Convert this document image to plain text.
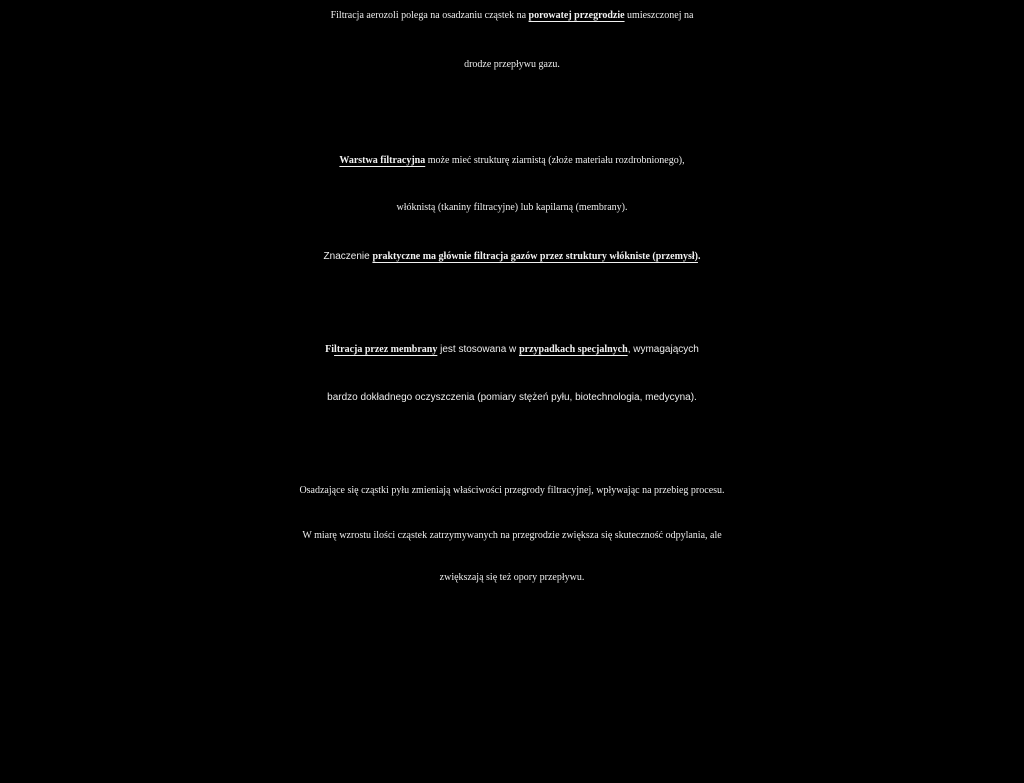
Filtracja aerozoli polega na osadzaniu cząstek na porowatej przegrodzie umieszczonej na
drodze przepływu gazu.
Warstwa filtracyjna może mieć strukturę ziarnistą (złoże materiału rozdrobnionego),
włóknistą (tkaniny filtracyjne) lub kapilarną (membrany).
Znaczenie praktyczne ma głównie filtracja gazów przez struktury włókniste (przemysł).
Filtracja przez membrany jest stosowana w przypadkach specjalnych, wymagających
bardzo dokładnego oczyszczenia (pomiary stężeń pyłu, biotechnologia, medycyna).
Osadzające się cząstki pyłu zmieniają właściwości przegrody filtracyjnej, wpływając na przebieg procesu.
W miarę wzrostu ilości cząstek zatrzymywanych na przegrodzie zwiększa się skuteczność odpylania, ale
zwiększają się też opory przepływu.
